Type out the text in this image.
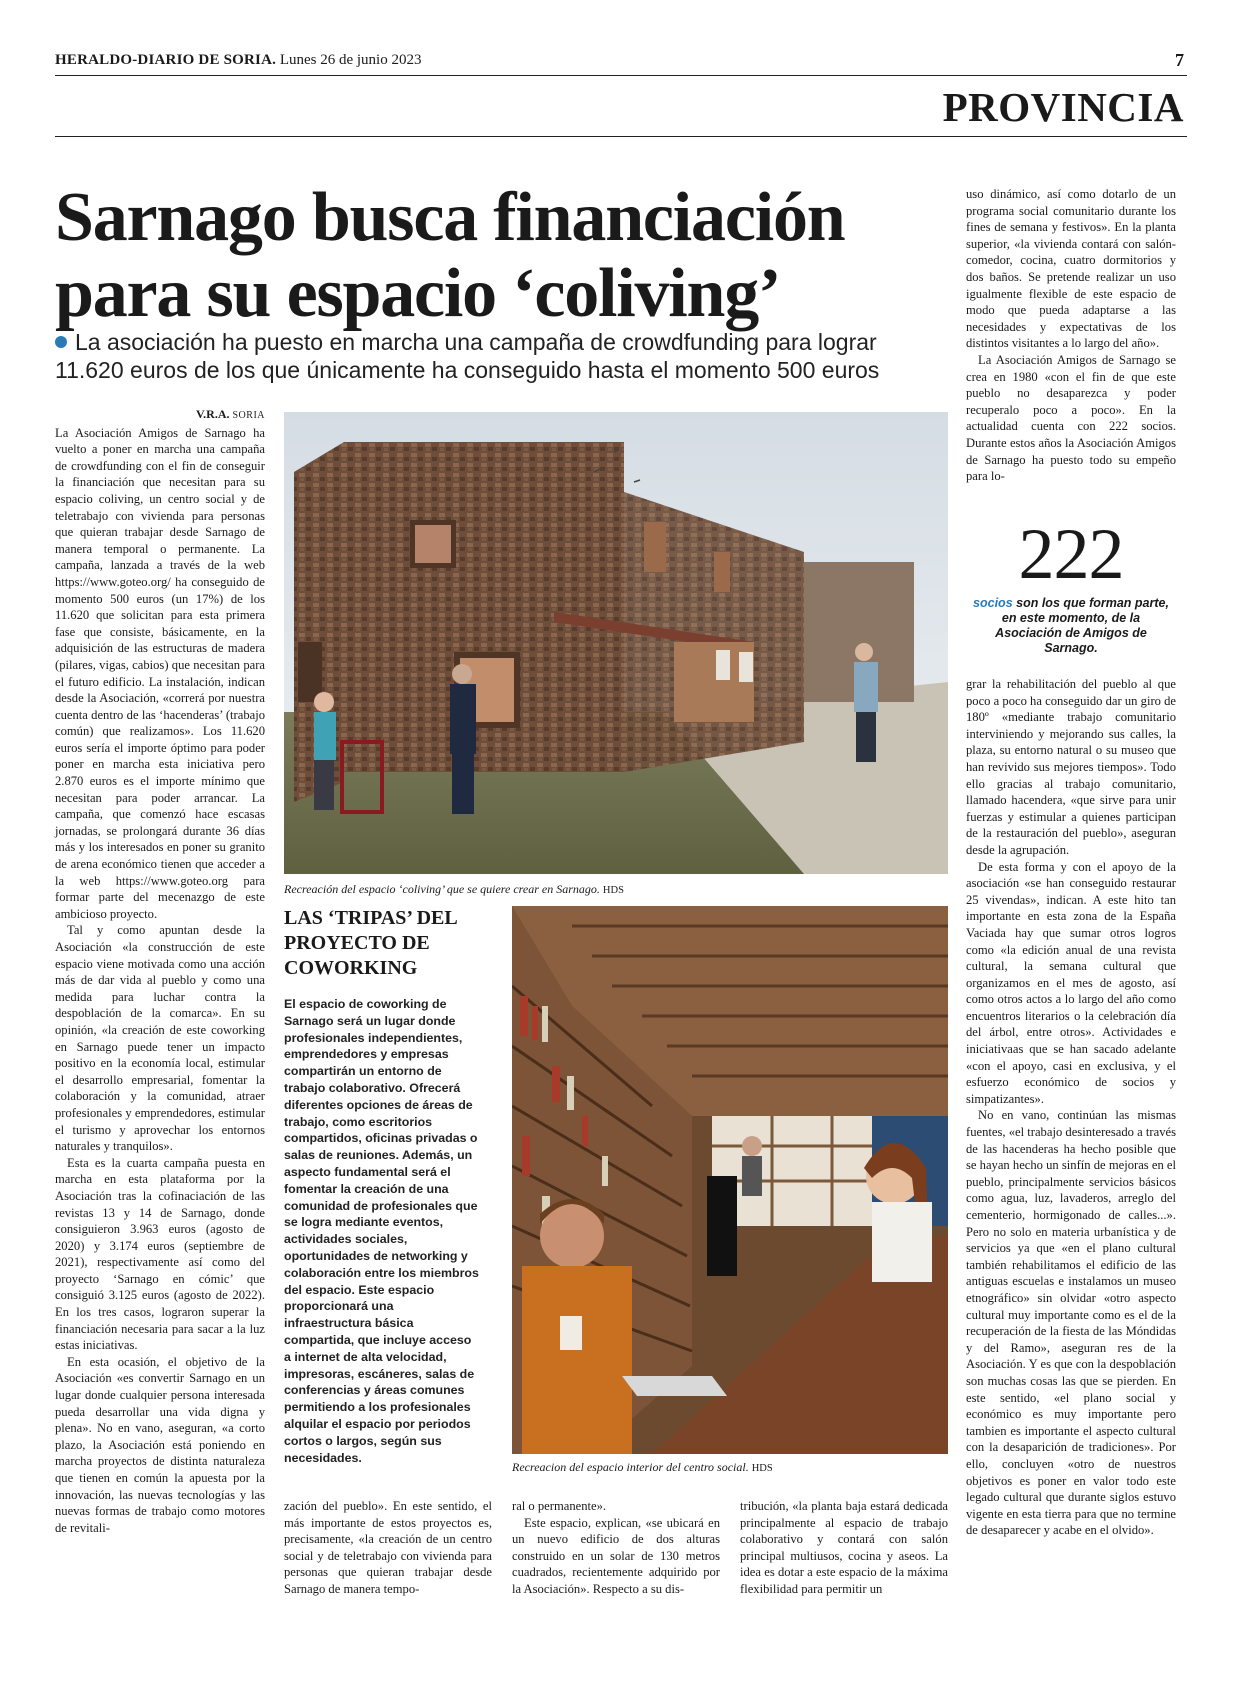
HERALDO-DIARIO DE SORIA. Lunes 26 de junio 2023	7
PROVINCIA
Sarnago busca financiación
para su espacio ‘coliving’
La asociación ha puesto en marcha una campaña de crowdfunding para lograr 11.620 euros de los que únicamente ha conseguido hasta el momento 500 euros

V.R.A. SORIA

La Asociación Amigos de Sarnago ha vuelto a poner en marcha una campaña de crowdfunding con el fin de conseguir la financiación que necesitan para su espacio coliving, un centro social y de teletrabajo con vivienda para personas que quieran trabajar desde Sarnago de manera temporal o permanente. La campaña, lanzada a través de la web https://www.goteo.org/ ha conseguido de momento 500 euros (un 17%) de los 11.620 que solicitan para esta primera fase que consiste, básicamente, en la adquisición de las estructuras de madera (pilares, vigas, cabios) que necesitan para el futuro edificio. La instalación, indican desde la Asociación, «correrá por nuestra cuenta dentro de las ‘hacenderas’ (trabajo común) que realizamos». Los 11.620 euros sería el importe óptimo para poder poner en marcha esta iniciativa pero 2.870 euros es el importe mínimo que necesitan para poder arrancar. La campaña, que comenzó hace escasas jornadas, se prolongará durante 36 días más y los interesados en poner su granito de arena económico tienen que acceder a la web https://www.goteo.org para formar parte del mecenazgo de este ambicioso proyecto.

Tal y como apuntan desde la Asociación «la construcción de este espacio viene motivada como una acción más de dar vida al pueblo y como una medida para luchar contra la despoblación de la comarca». En su opinión, «la creación de este coworking en Sarnago puede tener un impacto positivo en la economía local, estimular el desarrollo empresarial, fomentar la colaboración y la comunidad, atraer profesionales y emprendedores, estimular el turismo y aprovechar los entornos naturales y tranquilos».

Esta es la cuarta campaña puesta en marcha en esta plataforma por la Asociación tras la cofinaciación de las revistas 13 y 14 de Sarnago, donde consiguieron 3.963 euros (agosto de 2020) y 3.174 euros (septiembre de 2021), respectivamente así como del proyecto ‘Sarnago en cómic’ que consiguió 3.125 euros (agosto de 2022). En los tres casos, lograron superar la financiación necesaria para sacar a la luz estas iniciativas.

En esta ocasión, el objetivo de la Asociación «es convertir Sarnago en un lugar donde cualquier persona interesada pueda desarrollar una vida digna y plena». No en vano, aseguran, «a corto plazo, la Asociación está poniendo en marcha proyectos de distinta naturaleza que tienen en común la apuesta por la innovación, las nuevas tecnologías y las nuevas formas de trabajo como motores de revitali-

Recreación del espacio ‘coliving’ que se quiere crear en Sarnago. HDS
LAS ‘TRIPAS’ DEL PROYECTO DE COWORKING
El espacio de coworking de Sarnago será un lugar donde profesionales independientes, emprendedores y empresas compartirán un entorno de trabajo colaborativo. Ofrecerá diferentes opciones de áreas de trabajo, como escritorios compartidos, oficinas privadas o salas de reuniones. Además, un aspecto fundamental será el fomentar la creación de una comunidad de profesionales que se logra mediante eventos, actividades sociales, oportunidades de networking y colaboración entre los miembros del espacio. Este espacio proporcionará una infraestructura básica compartida, que incluye acceso a internet de alta velocidad, impresoras, escáneres, salas de conferencias y áreas comunes permitiendo a los profesionales alquilar el espacio por periodos cortos o largos, según sus necesidades.
Recreacion del espacio interior del centro social. HDS

zación del pueblo». En este sentido, el más importante de estos proyectos es, precisamente, «la creación de un centro social y de teletrabajo con vivienda para personas que quieran trabajar desde Sarnago de manera tempo-

ral o permanente».

Este espacio, explican, «se ubicará en un nuevo edificio de dos alturas construido en un solar de 130 metros cuadrados, recientemente adquirido por la Asociación». Respecto a su dis-

tribución, «la planta baja estará dedicada principalmente al espacio de trabajo colaborativo y contará con salón principal multiusos, cocina y aseos. La idea es dotar a este espacio de la máxima flexibilidad para permitir un

uso dinámico, así como dotarlo de un programa social comunitario durante los fines de semana y festivos». En la planta superior, «la vivienda contará con salón-comedor, cocina, cuatro dormitorios y dos baños. Se pretende realizar un uso igualmente flexible de este espacio de modo que pueda adaptarse a las necesidades y expectativas de los distintos visitantes a lo largo del año».

La Asociación Amigos de Sarnago se crea en 1980 «con el fin de que este pueblo no desaparezca y poder recuperalo poco a poco». En la actualidad cuenta con 222 socios. Durante estos años la Asociación Amigos de Sarnago ha puesto todo su empeño para lo-

222
socios son los que forman parte, en este momento, de la Asociación de Amigos de Sarnago.

grar la rehabilitación del pueblo al que poco a poco ha conseguido dar un giro de 180º «mediante trabajo comunitario interviniendo y mejorando sus calles, la plaza, su entorno natural o su museo que han revivido sus mejores tiempos». Todo ello gracias al trabajo comunitario, llamado hacendera, «que sirve para unir fuerzas y estimular a quienes participan de la restauración del pueblo», aseguran desde la agrupación.

De esta forma y con el apoyo de la asociación «se han conseguido restaurar 25 vivendas», indican. A este hito tan importante en esta zona de la España Vaciada hay que sumar otros logros como «la edición anual de una revista cultural, la semana cultural que organizamos en el mes de agosto, así como otros actos a lo largo del año como encuentros literarios o la celebración día del árbol, entre otros». Actividades e iniciativaas que se han sacado adelante «con el apoyo, casi en exclusiva, y el esfuerzo económico de socios y simpatizantes».

No en vano, continúan las mismas fuentes, «el trabajo desinteresado a través de las hacenderas ha hecho posible que se hayan hecho un sinfín de mejoras en el pueblo, principalmente servicios básicos como agua, luz, lavaderos, arreglo del cementerio, hormigonado de calles...». Pero no solo en materia urbanística y de servicios ya que «en el plano cultural también rehabilitamos el edificio de las antiguas escuelas e instalamos un museo etnográfico» sin olvidar «otro aspecto cultural muy importante como es el de la recuperación de la fiesta de las Móndidas y del Ramo», aseguran res de la Asociación. Y es que con la despoblación son muchas cosas las que se pierden. En este sentido, «el plano social y económico es muy importante pero tambien es importante el aspecto cultural con la desaparición de tradiciones». Por ello, concluyen «otro de nuestros objetivos es poner en valor todo este legado cultural que durante siglos estuvo vigente en esta tierra para que no termine de desaparecer y acabe en el olvido».
